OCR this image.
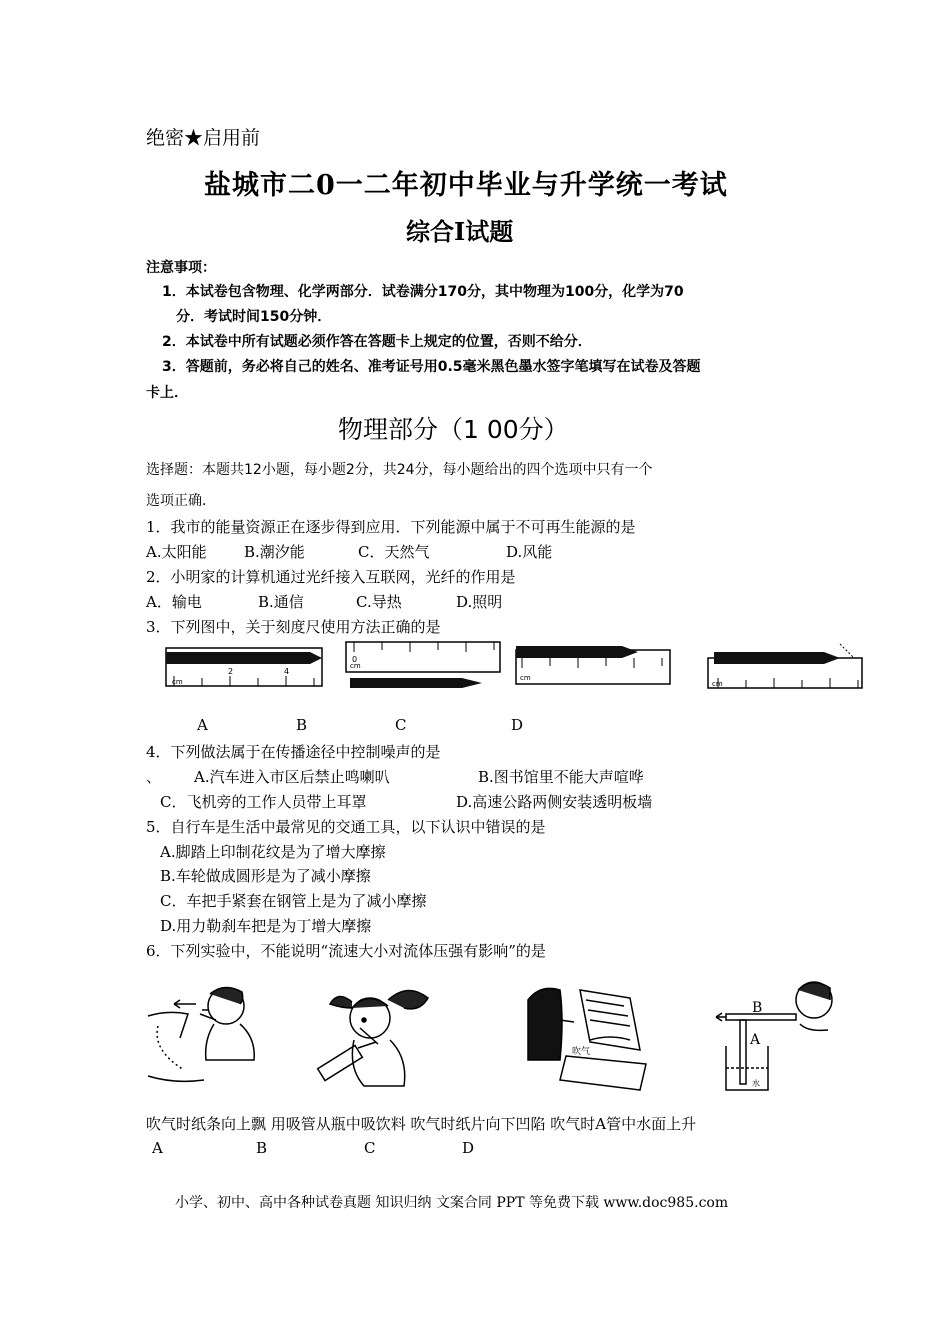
绝密★启用前
盐城市二0一二年初中毕业与升学统一考试
综合Ⅰ试题
注意事项：
1．本试卷包含物理、化学两部分．试卷满分170分，其中物理为100分，化学为70
分．考试时间150分钟．
2．本试卷中所有试题必须作答在答题卡上规定的位置，否则不给分．
3．答题前，务必将自己的姓名、准考证号用0.5毫米黑色墨水签字笔填写在试卷及答题
卡上．
物理部分（1 00分）
选择题：本题共12小题，每小题2分，共24分，每小题给出的四个选项中只有一个
选项正确．
1．我市的能量资源正在逐步得到应用．下列能源中属于不可再生能源的是
A.太阳能 B.潮汐能	C．天然气	D.风能
2．小明家的计算机通过光纤接入互联网，光纤的作用是
A．输电	B.通信	C.导热	D.照明
3．下列图中，关于刻度尺使用方法正确的是
cm
2	4
cm
0
cm
cm
A	B	C	D
4．下列做法属于在传播途径中控制噪声的是
、 A.汽车进入市区后禁止鸣喇叭	B.图书馆里不能大声喧哗
C．飞机旁的工作人员带上耳罩	D.高速公路两侧安装透明板墙
5．自行车是生活中最常见的交通工具，以下认识中错误的是
A.脚踏上印制花纹是为了增大摩擦
B.车轮做成圆形是为了减小摩擦
C．车把手紧套在钢管上是为了减小摩擦
D.用力勒刹车把是为丁增大摩擦
6．下列实验中，不能说明“流速大小对流体压强有影响”的是
吹气
B
A
水
吹气时纸条向上飘 用吸管从瓶中吸饮料 吹气时纸片向下凹陷 吹气时A管中水面上升
A	B	C	D
小学、初中、高中各种试卷真题 知识归纳 文案合同 PPT 等免费下载 www.doc985.com
